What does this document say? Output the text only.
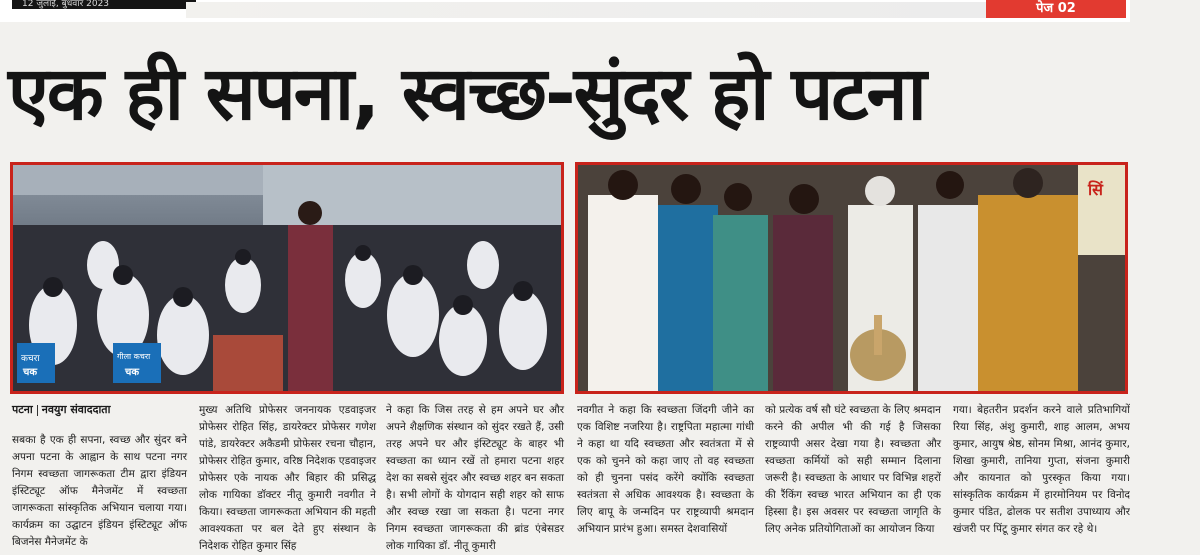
12 जुलाई, बुधवार 2023	पेज 02
एक ही सपना, स्वच्छ-सुंदर हो पटना
कचरा
चक
गीला कचरा
चक
सिं
पटना नवयुग संवाददाता
सबका है एक ही सपना, स्वच्छ और सुंदर बने अपना पटना के आह्वान के साथ पटना नगर निगम स्वच्छता जागरूकता टीम द्वारा इंडियन इंस्टिट्यूट ऑफ मैनेजमेंट में स्वच्छता जागरूकता सांस्कृतिक अभियान चलाया गया। कार्यक्रम का उद्घाटन इंडियन इंस्टिट्यूट ऑफ बिजनेस मैनेजमेंट के
मुख्य अतिथि प्रोफेसर जननायक एडवाइजर प्रोफेसर रोहित सिंह, डायरेक्टर प्रोफेसर गणेश पांडे, डायरेक्टर अकैडमी प्रोफेसर रचना चौहान, प्रोफेसर रोहित कुमार, वरिष्ठ निदेशक एडवाइजर प्रोफेसर एके नायक और बिहार की प्रसिद्ध लोक गायिका डॉक्टर नीतू कुमारी नवगीत ने किया। स्वच्छता जागरूकता अभियान की महती आवश्यकता पर बल देते हुए संस्थान के निदेशक रोहित कुमार सिंह
ने कहा कि जिस तरह से हम अपने घर और अपने शैक्षणिक संस्थान को सुंदर रखते हैं, उसी तरह अपने घर और इंस्टिट्यूट के बाहर भी स्वच्छता का ध्यान रखें तो हमारा पटना शहर देश का सबसे सुंदर और स्वच्छ शहर बन सकता है। सभी लोगों के योगदान सही शहर को साफ और स्वच्छ रखा जा सकता है। पटना नगर निगम स्वच्छता जागरूकता की ब्रांड एंबेसडर लोक गायिका डॉ. नीतू कुमारी
नवगीत ने कहा कि स्वच्छता जिंदगी जीने का एक विशिष्ट नजरिया है। राष्ट्रपिता महात्मा गांधी ने कहा था यदि स्वच्छता और स्वतंत्रता में से एक को चुनने को कहा जाए तो वह स्वच्छता को ही चुनना पसंद करेंगे क्योंकि स्वच्छता स्वतंत्रता से अधिक आवश्यक है। स्वच्छता के लिए बापू के जन्मदिन पर राष्ट्रव्यापी श्रमदान अभियान प्रारंभ हुआ। समस्त देशवासियों
को प्रत्येक वर्ष सौ घंटे स्वच्छता के लिए श्रमदान करने की अपील भी की गई है जिसका राष्ट्रव्यापी असर देखा गया है। स्वच्छता और स्वच्छता कर्मियों को सही सम्मान दिलाना जरूरी है। स्वच्छता के आधार पर विभिन्न शहरों की रैंकिंग स्वच्छ भारत अभियान का ही एक हिस्सा है। इस अवसर पर स्वच्छता जागृति के लिए अनेक प्रतियोगिताओं का आयोजन किया
गया। बेहतरीन प्रदर्शन करने वाले प्रतिभागियों रिया सिंह, अंशु कुमारी, शाह आलम, अभय कुमार, आयुष श्रेष्ठ, सोनम मिश्रा, आनंद कुमार, शिखा कुमारी, तानिया गुप्ता, संजना कुमारी और कायनात को पुरस्कृत किया गया। सांस्कृतिक कार्यक्रम में हारमोनियम पर विनोद कुमार पंडित, ढोलक पर सतीश उपाध्याय और खंजरी पर पिंटू कुमार संगत कर रहे थे।
